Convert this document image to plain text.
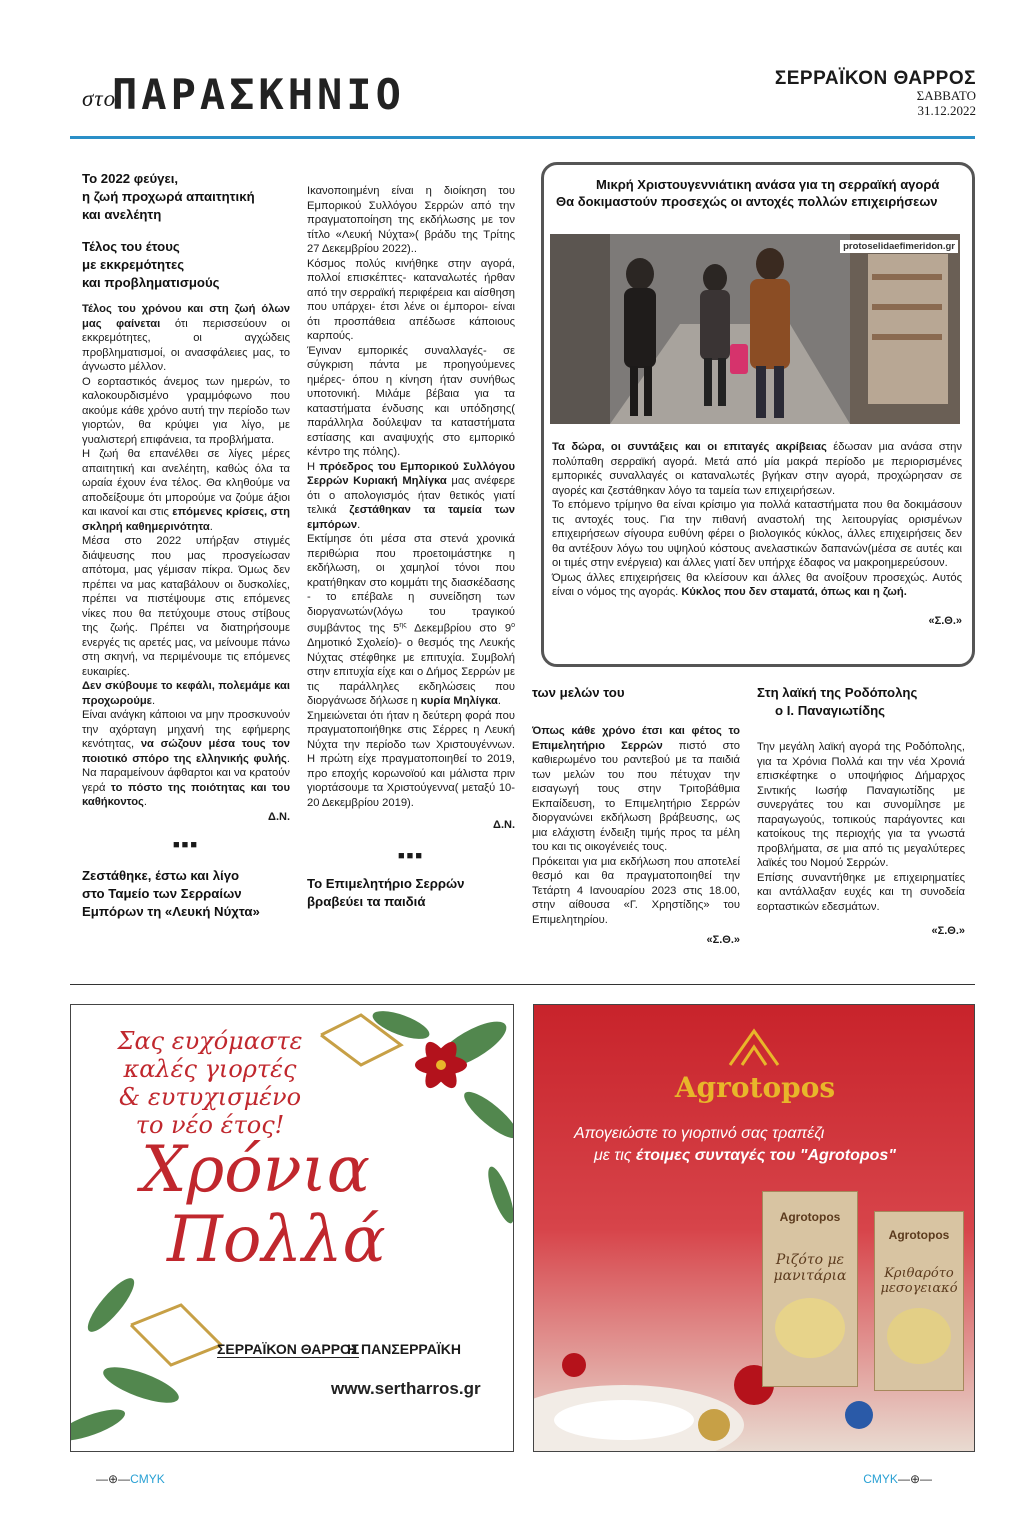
στο
ΠΑΡΑΣΚΗΝΙΟ	ΣΕΡΡΑΪΚΟΝ ΘΑΡΡΟΣ
ΣΑΒΒΑΤΟ
31.12.2022
Το 2022 φεύγει,
η ζωή προχωρά απαιτητική
και ανελέητη
Τέλος του έτους
με εκκρεμότητες
και προβληματισμούς

Τέλος του χρόνου και στη ζωή όλων μας φαίνεται ότι περισσεύουν οι εκκρεμότητες, οι αγχώδεις προβληματισμοί, οι ανασφάλειες μας, το άγνωστο μέλλον.

Ο εορταστικός άνεμος των ημερών, το καλοκουρδισμένο γραμμόφωνο που ακούμε κάθε χρόνο αυτή την περίοδο των γιορτών, θα κρύψει για λίγο, με γυαλιστερή επιφάνεια, τα προβλήματα.

Η ζωή θα επανέλθει σε λίγες μέρες απαιτητική και ανελέητη, καθώς όλα τα ωραία έχουν ένα τέλος. Θα κληθούμε να αποδείξουμε ότι μπορούμε να ζούμε άξιοι και ικανοί και στις επόμενες κρίσεις, στη σκληρή καθημερινότητα.

Μέσα στο 2022 υπήρξαν στιγμές διάψευσης που μας προσγείωσαν απότομα, μας γέμισαν πίκρα. Όμως δεν πρέπει να μας καταβάλουν οι δυσκολίες, πρέπει να πιστέψουμε στις επόμενες νίκες που θα πετύχουμε στους στίβους της ζωής. Πρέπει να διατηρήσουμε ενεργές τις αρετές μας, να μείνουμε πάνω στη σκηνή, να περιμένουμε τις επόμενες ευκαιρίες.

Δεν σκύβουμε το κεφάλι, πολεμάμε και προχωρούμε.

Είναι ανάγκη κάποιοι να μην προσκυνούν την αχόρταγη μηχανή της εφήμερης κενότητας, να σώζουν μέσα τους τον ποιοτικό σπόρο της ελληνικής φυλής. Να παραμείνουν άφθαρτοι και να κρατούν γερά το πόστο της ποιότητας και του καθήκοντος.

Δ.Ν.
■■■
Ζεστάθηκε, έστω και λίγο
στο Ταμείο των Σερραίων
Εμπόρων τη «Λευκή Νύχτα»

Ικανοποιημένη είναι η διοίκηση του Εμπορικού Συλλόγου Σερρών από την πραγματοποίηση της εκδήλωσης με τον τίτλο «Λευκή Νύχτα»( βράδυ της Τρίτης 27 Δεκεμβρίου 2022)..

Κόσμος πολύς κινήθηκε στην αγορά, πολλοί επισκέπτες- καταναλωτές ήρθαν από την σερραϊκή περιφέρεια και αίσθηση που υπάρχει- έτσι λένε οι έμποροι- είναι ότι προσπάθεια απέδωσε κάποιους καρπούς.

Έγιναν εμπορικές συναλλαγές- σε σύγκριση πάντα με προηγούμενες ημέρες- όπου η κίνηση ήταν συνήθως υποτονική. Μιλάμε βέβαια για τα καταστήματα ένδυσης και υπόδησης( παράλληλα δούλεψαν τα καταστήματα εστίασης και αναψυχής στο εμπορικό κέντρο της πόλης).

Η πρόεδρος του Εμπορικού Συλλόγου Σερρών Κυριακή Μηλίγκα μας ανέφερε ότι ο απολογισμός ήταν θετικός γιατί τελικά ζεστάθηκαν τα ταμεία των εμπόρων.

Εκτίμησε ότι μέσα στα στενά χρονικά περιθώρια που προετοιμάστηκε η εκδήλωση, οι χαμηλοί τόνοι που κρατήθηκαν στο κομμάτι της διασκέδασης - το επέβαλε η συνείδηση των διοργανωτών(λόγω του τραγικού συμβάντος της $5^{\eta\varsigma}$ Δεκεμβρίου στο $9^o$ Δημοτικό Σχολείο)- ο θεσμός της Λευκής Νύχτας στέφθηκε με επιτυχία. Συμβολή στην επιτυχία είχε και ο Δήμος Σερρών με τις παράλληλες εκδηλώσεις που διοργάνωσε δήλωσε η κυρία Μηλίγκα.

Σημειώνεται ότι ήταν η δεύτερη φορά που πραγματοποιήθηκε στις Σέρρες η Λευκή Νύχτα την περίοδο των Χριστουγέννων. Η πρώτη είχε πραγματοποιηθεί το 2019, προ εποχής κορωνοϊού και μάλιστα πριν γιορτάσουμε τα Χριστούγεννα( μεταξύ 10-20 Δεκεμβρίου 2019).

Δ.Ν.
■■■
Το Επιμελητήριο Σερρών
βραβεύει τα παιδιά
Μικρή Χριστουγεννιάτικη ανάσα για τη σερραϊκή αγορά
Θα δοκιμαστούν προσεχώς οι αντοχές πολλών επιχειρήσεων
protoselidaefimeridon.gr

Τα δώρα, οι συντάξεις και οι επιταγές ακρίβειας έδωσαν μια ανάσα στην πολύπαθη σερραϊκή αγορά. Μετά από μία μακρά περίοδο με περιορισμένες εμπορικές συναλλαγές οι καταναλωτές βγήκαν στην αγορά, προχώρησαν σε αγορές και ζεστάθηκαν λόγο τα ταμεία των επιχειρήσεων.

Το επόμενο τρίμηνο θα είναι κρίσιμο για πολλά καταστήματα που θα δοκιμάσουν τις αντοχές τους. Για την πιθανή αναστολή της λειτουργίας ορισμένων επιχειρήσεων σίγουρα ευθύνη φέρει ο βιολογικός κύκλος, άλλες επιχειρήσεις δεν θα αντέξουν λόγω του υψηλού κόστους ανελαστικών δαπανών(μέσα σε αυτές και οι τιμές στην ενέργεια) και άλλες γιατί δεν υπήρχε έδαφος να μακροημερεύσουν.

Όμως άλλες επιχειρήσεις θα κλείσουν και άλλες θα ανοίξουν προσεχώς. Αυτός είναι ο νόμος της αγοράς. Κύκλος που δεν σταματά, όπως και η ζωή.

«Σ.Θ.»
των μελών του

Όπως κάθε χρόνο έτσι και φέτος το Επιμελητήριο Σερρών πιστό στο καθιερωμένο του ραντεβού με τα παιδιά των μελών του που πέτυχαν την εισαγωγή τους στην Τριτοβάθμια Εκπαίδευση, το Επιμελητήριο Σερρών διοργανώνει εκδήλωση βράβευσης, ως μια ελάχιστη ένδειξη τιμής προς τα μέλη του και τις οικογένειές τους.

Πρόκειται για μια εκδήλωση που αποτελεί θεσμό και θα πραγματοποιηθεί την Τετάρτη 4 Ιανουαρίου 2023 στις 18.00, στην αίθουσα «Γ. Χρηστίδης» του Επιμελητηρίου.

«Σ.Θ.»
Στη λαϊκή της Ροδόπολης
ο Ι. Παναγιωτίδης

Την μεγάλη λαϊκή αγορά της Ροδόπολης, για τα Χρόνια Πολλά και την νέα Χρονιά επισκέφτηκε ο υποψήφιος Δήμαρχος Σιντικής Ιωσήφ Παναγιωτίδης με συνεργάτες του και συνομίλησε με παραγωγούς, τοπικούς παράγοντες και κατοίκους της περιοχής για τα γνωστά προβλήματα, σε μια από τις μεγαλύτερες λαϊκές του Νομού Σερρών.

Επίσης συναντήθηκε με επιχειρηματίες και αντάλλαξαν ευχές και τη συνοδεία εορταστικών εδεσμάτων.

«Σ.Θ.»
Σας ευχόμαστε
καλές γιορτές
& ευτυχισμένο
το νέο έτος!
Χρόνια
Πολλά
ΣΕΡΡΑΪΚΟΝ ΘΑΡΡΟΣ
Η ΠΑΝΣΕΡΡΑΪΚΗ
www.sertharros.gr
Agrotopos
Απογειώστε το γιορτινό σας τραπέζι
με τις έτοιμες συνταγές του "Agrotopos"
Agrotopos
Ριζότο με
μανιτάρια
Agrotopos
Κριθαρότο
μεσογειακό
—⊕—CMYK	CMYK—⊕—
